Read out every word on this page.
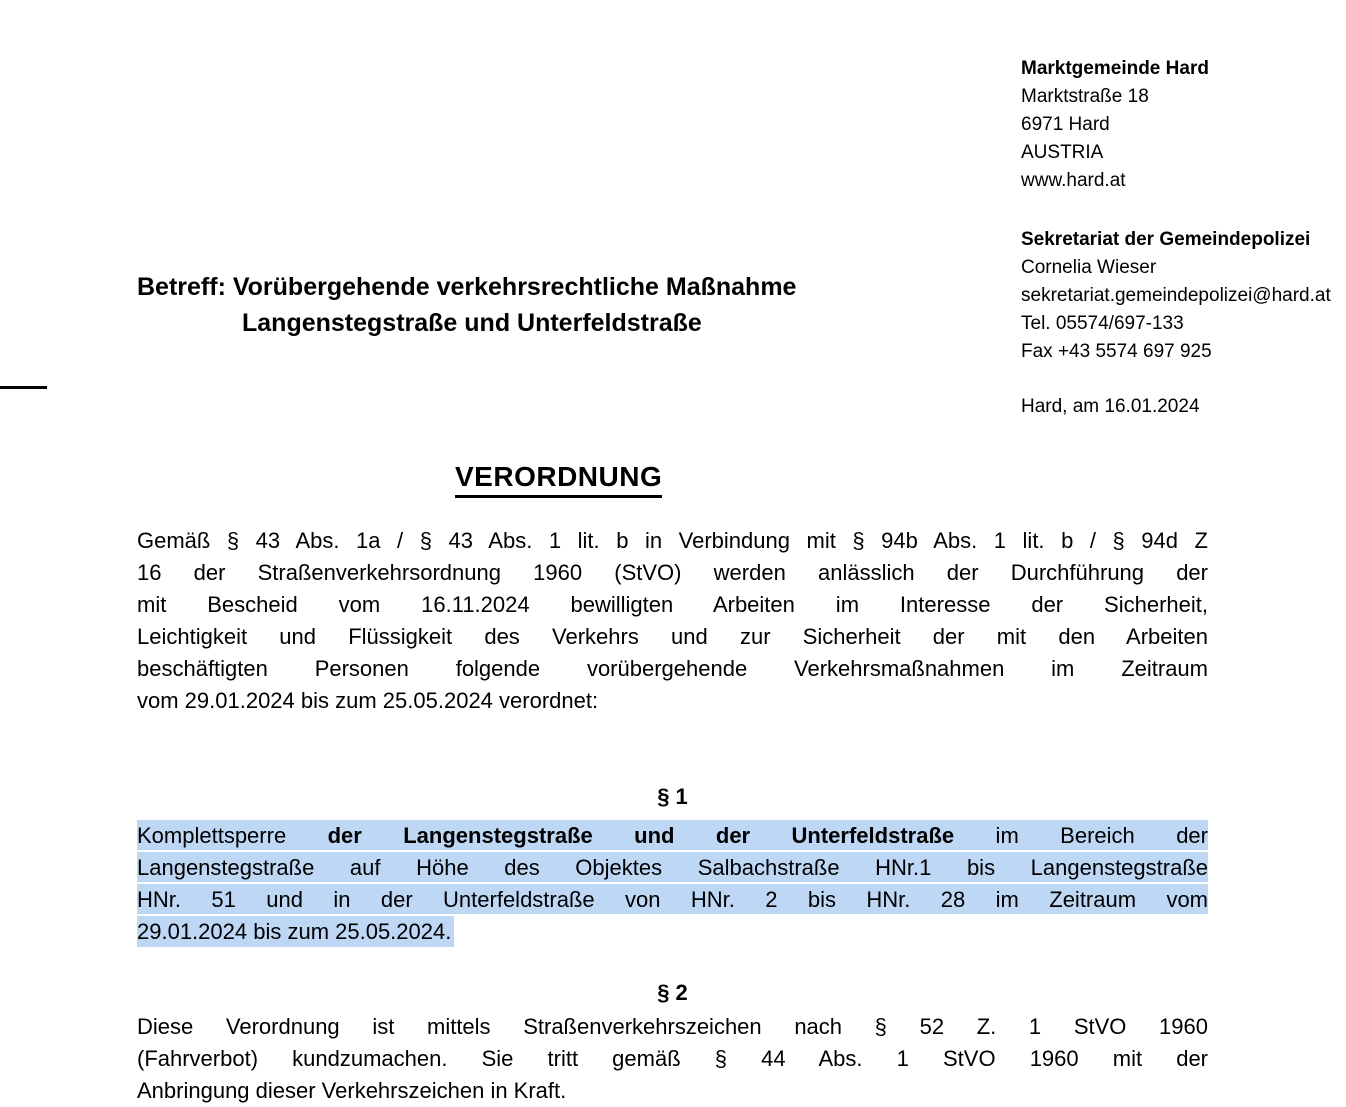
Marktgemeinde Hard
Marktstraße 18
6971 Hard
AUSTRIA
www.hard.at
Sekretariat der Gemeindepolizei
Cornelia Wieser
sekretariat.gemeindepolizei@hard.at
Tel. 05574/697-133
Fax +43 5574 697 925
Hard, am 16.01.2024
Betreff: Vorübergehende verkehrsrechtliche Maßnahme
Langenstegstraße und Unterfeldstraße
VERORDNUNG
Gemäß § 43 Abs. 1a / § 43 Abs. 1 lit. b in Verbindung mit § 94b Abs. 1 lit. b / § 94d Z
16 der Straßenverkehrsordnung 1960 (StVO) werden anlässlich der Durchführung der
mit Bescheid vom 16.11.2024 bewilligten Arbeiten im Interesse der Sicherheit,
Leichtigkeit und Flüssigkeit des Verkehrs und zur Sicherheit der mit den Arbeiten
beschäftigten Personen folgende vorübergehende Verkehrsmaßnahmen im Zeitraum
vom 29.01.2024 bis zum 25.05.2024 verordnet:
§ 1
Komplettsperre der Langenstegstraße und der Unterfeldstraße im Bereich der
Langenstegstraße auf Höhe des Objektes Salbachstraße HNr.1 bis Langenstegstraße
HNr. 51 und in der Unterfeldstraße von HNr. 2 bis HNr. 28 im Zeitraum vom
29.01.2024 bis zum 25.05.2024.
§ 2
Diese Verordnung ist mittels Straßenverkehrszeichen nach § 52 Z. 1 StVO 1960
(Fahrverbot) kundzumachen. Sie tritt gemäß § 44 Abs. 1 StVO 1960 mit der
Anbringung dieser Verkehrszeichen in Kraft.
